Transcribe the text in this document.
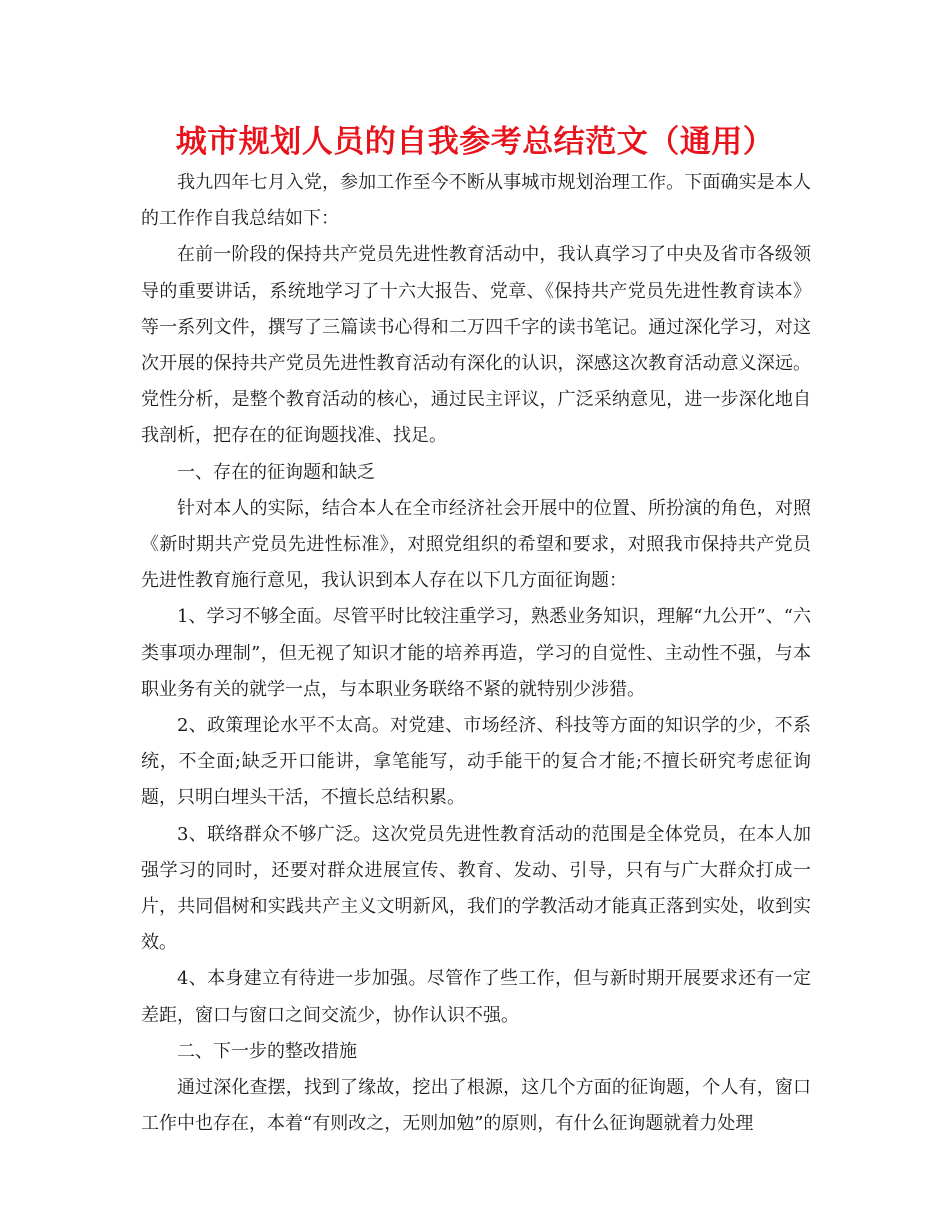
城市规划人员的自我参考总结范文（通用）

我九四年七月入党，参加工作至今不断从事城市规划治理工作。下面确实是本人的工作作自我总结如下：

在前一阶段的保持共产党员先进性教育活动中，我认真学习了中央及省市各级领导的重要讲话，系统地学习了十六大报告、党章、《保持共产党员先进性教育读本》等一系列文件，撰写了三篇读书心得和二万四千字的读书笔记。通过深化学习，对这次开展的保持共产党员先进性教育活动有深化的认识，深感这次教育活动意义深远。党性分析，是整个教育活动的核心，通过民主评议，广泛采纳意见，进一步深化地自我剖析，把存在的征询题找准、找足。

一、存在的征询题和缺乏

针对本人的实际，结合本人在全市经济社会开展中的位置、所扮演的角色，对照《新时期共产党员先进性标准》，对照党组织的希望和要求，对照我市保持共产党员先进性教育施行意见，我认识到本人存在以下几方面征询题：

1、学习不够全面。尽管平时比较注重学习，熟悉业务知识，理解“九公开”、“六类事项办理制”，但无视了知识才能的培养再造，学习的自觉性、主动性不强，与本职业务有关的就学一点，与本职业务联络不紧的就特别少涉猎。

2、政策理论水平不太高。对党建、市场经济、科技等方面的知识学的少，不系统，不全面;缺乏开口能讲，拿笔能写，动手能干的复合才能;不擅长研究考虑征询题，只明白埋头干活，不擅长总结积累。

3、联络群众不够广泛。这次党员先进性教育活动的范围是全体党员，在本人加强学习的同时，还要对群众进展宣传、教育、发动、引导，只有与广大群众打成一片，共同倡树和实践共产主义文明新风，我们的学教活动才能真正落到实处，收到实效。

4、本身建立有待进一步加强。尽管作了些工作，但与新时期开展要求还有一定差距，窗口与窗口之间交流少，协作认识不强。

二、下一步的整改措施

通过深化查摆，找到了缘故，挖出了根源，这几个方面的征询题，个人有，窗口工作中也存在，本着“有则改之，无则加勉”的原则，有什么征询题就着力处理
